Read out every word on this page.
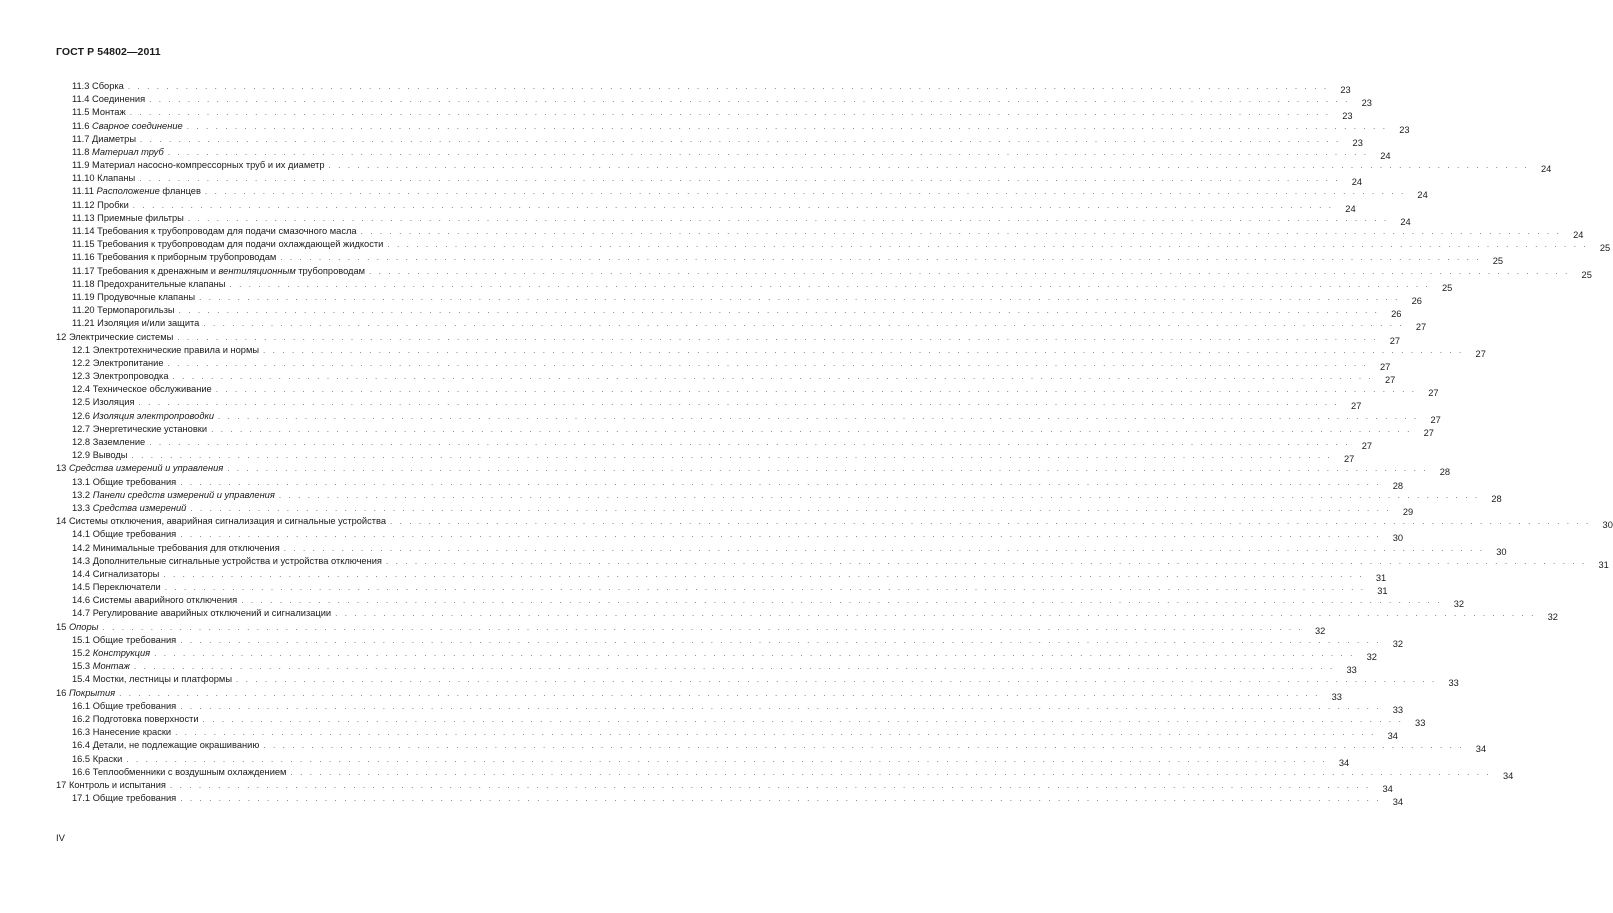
ГОСТ Р 54802—2011
11.3 Сборка . . .	23
11.4 Соединения . . .	23
11.5 Монтаж . . .	23
11.6 Сварное соединение . . .	23
11.7 Диаметры . . .	23
11.8 Материал труб . . .	24
11.9 Материал насосно-компрессорных труб и их диаметр . . .	24
11.10 Клапаны . . .	24
11.11 Расположение фланцев . . .	24
11.12 Пробки . . .	24
11.13 Приемные фильтры . . .	24
11.14 Требования к трубопроводам для подачи смазочного масла . . .	24
11.15 Требования к трубопроводам для подачи охлаждающей жидкости . . .	25
11.16 Требования к приборным трубопроводам . . .	25
11.17 Требования к дренажным и вентиляционным трубопроводам . . .	25
11.18 Предохранительные клапаны . . .	25
11.19 Продувочные клапаны . . .	26
11.20 Термопарогильзы . . .	26
11.21 Изоляция и/или защита . . .	27
12 Электрические системы . . .	27
12.1 Электротехнические правила и нормы . . .	27
12.2 Электропитание . . .	27
12.3 Электропроводка . . .	27
12.4 Техническое обслуживание . . .	27
12.5 Изоляция . . .	27
12.6 Изоляция электропроводки . . .	27
12.7 Энергетические установки . . .	27
12.8 Заземление . . .	27
12.9 Выводы . . .	27
13 Средства измерений и управления . . .	28
13.1 Общие требования . . .	28
13.2 Панели средств измерений и управления . . .	28
13.3 Средства измерений . . .	29
14 Системы отключения, аварийная сигнализация и сигнальные устройства . . .	30
14.1 Общие требования . . .	30
14.2 Минимальные требования для отключения . . .	30
14.3 Дополнительные сигнальные устройства и устройства отключения . . .	31
14.4 Сигнализаторы . . .	31
14.5 Переключатели . . .	31
14.6 Системы аварийного отключения . . .	32
14.7 Регулирование аварийных отключений и сигнализации . . .	32
15 Опоры . . .	32
15.1 Общие требования . . .	32
15.2 Конструкция . . .	32
15.3 Монтаж . . .	33
15.4 Мостки, лестницы и платформы . . .	33
16 Покрытия . . .	33
16.1 Общие требования . . .	33
16.2 Подготовка поверхности . . .	33
16.3 Нанесение краски . . .	34
16.4 Детали, не подлежащие окрашиванию . . .	34
16.5 Краски . . .	34
16.6 Теплообменники с воздушным охлаждением . . .	34
17 Контроль и испытания . . .	34
17.1 Общие требования . . .	34
IV
